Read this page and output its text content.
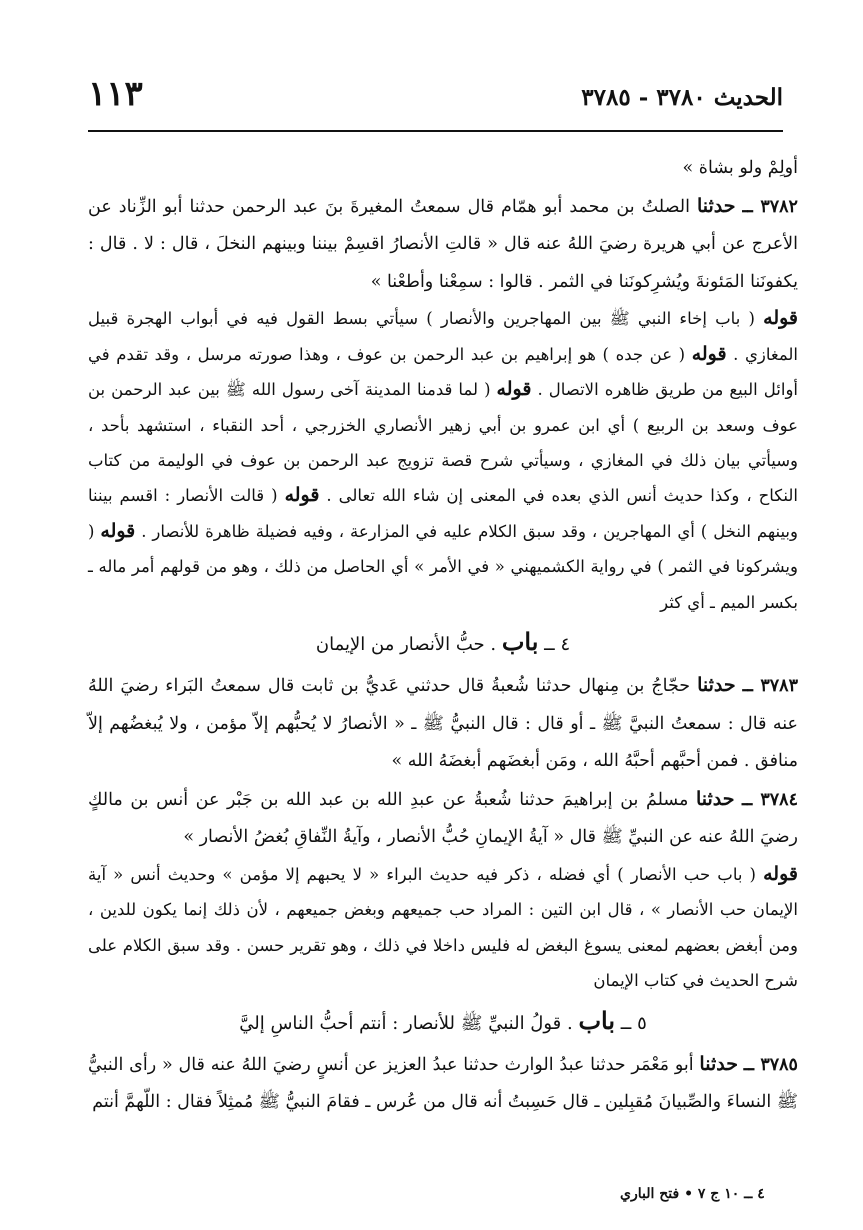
الحديث ٣٧٨٠ - ٣٧٨٥
١١٣

أولِمْ ولو بشاة »

٣٧٨٢ ــ حدثنا الصلتُ بن محمد أبو همّام قال سمعتُ المغيرةَ بنَ عبد الرحمن حدثنا أبو الزِّناد عن الأعرج عن أبي هريرة رضيَ اللهُ عنه قال « قالتِ الأنصارُ اقسِمْ بيننا وبينهم النخلَ ، قال : لا . قال : يكفونَنا المَئونةَ ويُشرِكونَنا في الثمر . قالوا : سمِعْنا وأطعْنا »

قوله ( باب إخاء النبي ﷺ بين المهاجرين والأنصار ) سيأتي بسط القول فيه في أبواب الهجرة قبيل المغازي . قوله ( عن جده ) هو إبراهيم بن عبد الرحمن بن عوف ، وهذا صورته مرسل ، وقد تقدم في أوائل البيع من طريق ظاهره الاتصال . قوله ( لما قدمنا المدينة آخى رسول الله ﷺ بين عبد الرحمن بن عوف وسعد بن الربيع ) أي ابن عمرو بن أبي زهير الأنصاري الخزرجي ، أحد النقباء ، استشهد بأحد ، وسيأتي بيان ذلك في المغازي ، وسيأتي شرح قصة تزويج عبد الرحمن بن عوف في الوليمة من كتاب النكاح ، وكذا حديث أنس الذي بعده في المعنى إن شاء الله تعالى . قوله ( قالت الأنصار : اقسم بيننا وبينهم النخل ) أي المهاجرين ، وقد سبق الكلام عليه في المزارعة ، وفيه فضيلة ظاهرة للأنصار . قوله ( ويشركونا في الثمر ) في رواية الكشميهني « في الأمر » أي الحاصل من ذلك ، وهو من قولهم أمر ماله ـ بكسر الميم ـ أي كثر

٤ ــ باب . حبُّ الأنصار من الإيمان

٣٧٨٣ ــ حدثنا حجّاجُ بن مِنهال حدثنا شُعبةُ قال حدثني عَديُّ بن ثابت قال سمعتُ البَراء رضيَ اللهُ عنه قال : سمعتُ النبيَّ ﷺ ـ أو قال : قال النبيُّ ﷺ ـ « الأنصارُ لا يُحبُّهم إلاّ مؤمن ، ولا يُبغضُهم إلاّ منافق . فمن أحبَّهم أحبَّهُ الله ، ومَن أبغضَهم أبغضَهُ الله »

٣٧٨٤ ــ حدثنا مسلمُ بن إبراهيمَ حدثنا شُعبةُ عن عبدِ الله بن عبد الله بن جَبْر عن أنس بن مالكٍ رضيَ اللهُ عنه عن النبيِّ ﷺ قال « آيةُ الإيمانِ حُبُّ الأنصار ، وآيةُ النِّفاقِ بُغضُ الأنصار »

قوله ( باب حب الأنصار ) أي فضله ، ذكر فيه حديث البراء « لا يحبهم إلا مؤمن » وحديث أنس « آية الإيمان حب الأنصار » ، قال ابن التين : المراد حب جميعهم وبغض جميعهم ، لأن ذلك إنما يكون للدين ، ومن أبغض بعضهم لمعنى يسوغ البغض له فليس داخلا في ذلك ، وهو تقرير حسن . وقد سبق الكلام على شرح الحديث في كتاب الإيمان

٥ ــ باب . قولُ النبيِّ ﷺ للأنصار : أنتم أحبُّ الناسِ إليَّ

٣٧٨٥ ــ حدثنا أبو مَعْمَر حدثنا عبدُ الوارث حدثنا عبدُ العزيز عن أنسٍ رضيَ اللهُ عنه قال « رأى النبيُّ ﷺ النساءَ والصِّبيانَ مُقبِلين ـ قال حَسِبتُ أنه قال من عُرس ـ فقامَ النبيُّ ﷺ مُمثِلاً فقال : اللّهمَّ أنتم

٤ ــ ١٠ ج ٧ • فتح الباري
